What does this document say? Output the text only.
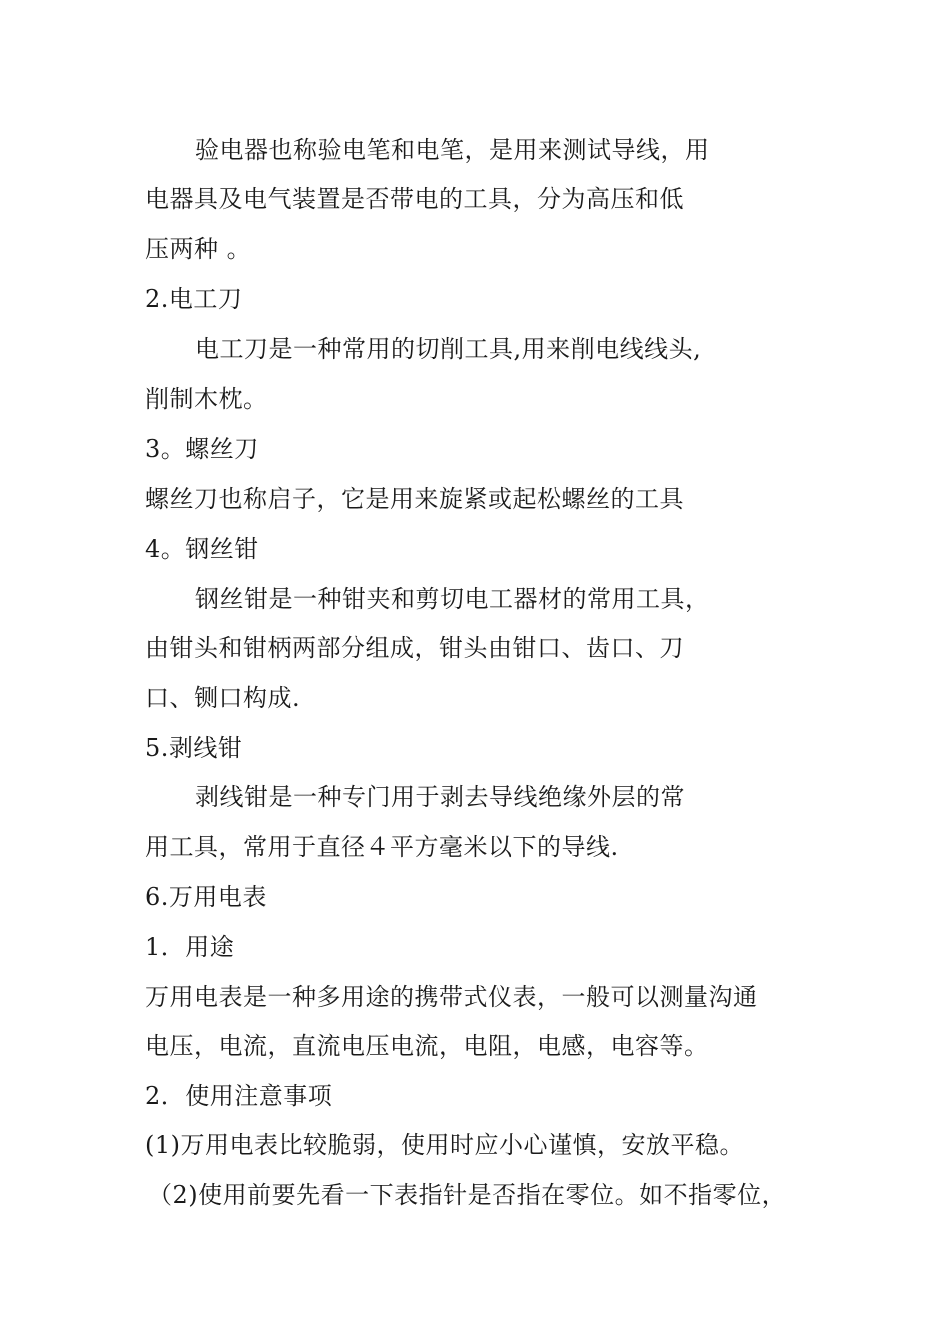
验电器也称验电笔和电笔，是用来测试导线，用
电器具及电气装置是否带电的工具，分为高压和低
压两种 。
2.电工刀
电工刀是一种常用的切削工具,用来削电线线头,
削制木枕。
3。螺丝刀
螺丝刀也称启子，它是用来旋紧或起松螺丝的工具
4。钢丝钳
钢丝钳是一种钳夹和剪切电工器材的常用工具，
由钳头和钳柄两部分组成，钳头由钳口、齿口、刀
口、铡口构成.
5.剥线钳
剥线钳是一种专门用于剥去导线绝缘外层的常
用工具，常用于直径４平方毫米以下的导线.
6.万用电表
1．用途
万用电表是一种多用途的携带式仪表，一般可以测量沟通
电压，电流，直流电压电流，电阻，电感，电容等。
2．使用注意事项
(1)万用电表比较脆弱，使用时应小心谨慎，安放平稳。
（2)使用前要先看一下表指针是否指在零位。如不指零位，
